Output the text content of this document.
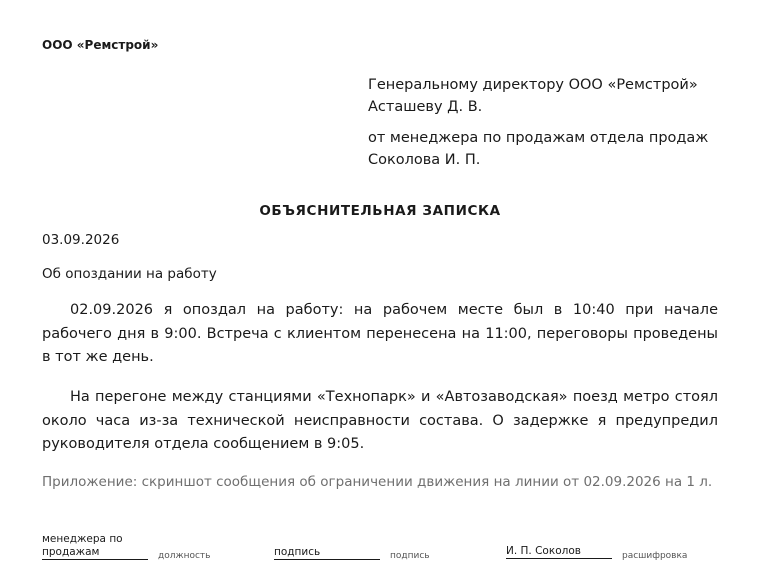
ООО «Ремстрой»

Генеральному директору ООО «Ремстрой»

Асташеву Д. В.

от менеджера по продажам отдела продаж

Соколова И. П.

ОБЪЯСНИТЕЛЬНАЯ ЗАПИСКА
03.09.2026
Об опоздании на работу

02.09.2026 я опоздал на работу: на рабочем месте был в 10:40 при начале рабочего дня в 9:00. Встреча с клиентом перенесена на 11:00, переговоры проведены в тот же день.

На перегоне между станциями «Технопарк» и «Автозаводская» поезд метро стоял около часа из-за технической неисправности состава. О задержке я предупредил руководителя отдела сообщением в 9:05.

Приложение: скриншот сообщения об ограничении движения на линии от 02.09.2026 на 1 л.
менеджера по
продажам	должность	подпись	подпись	И. П. Соколов	расшифровка
